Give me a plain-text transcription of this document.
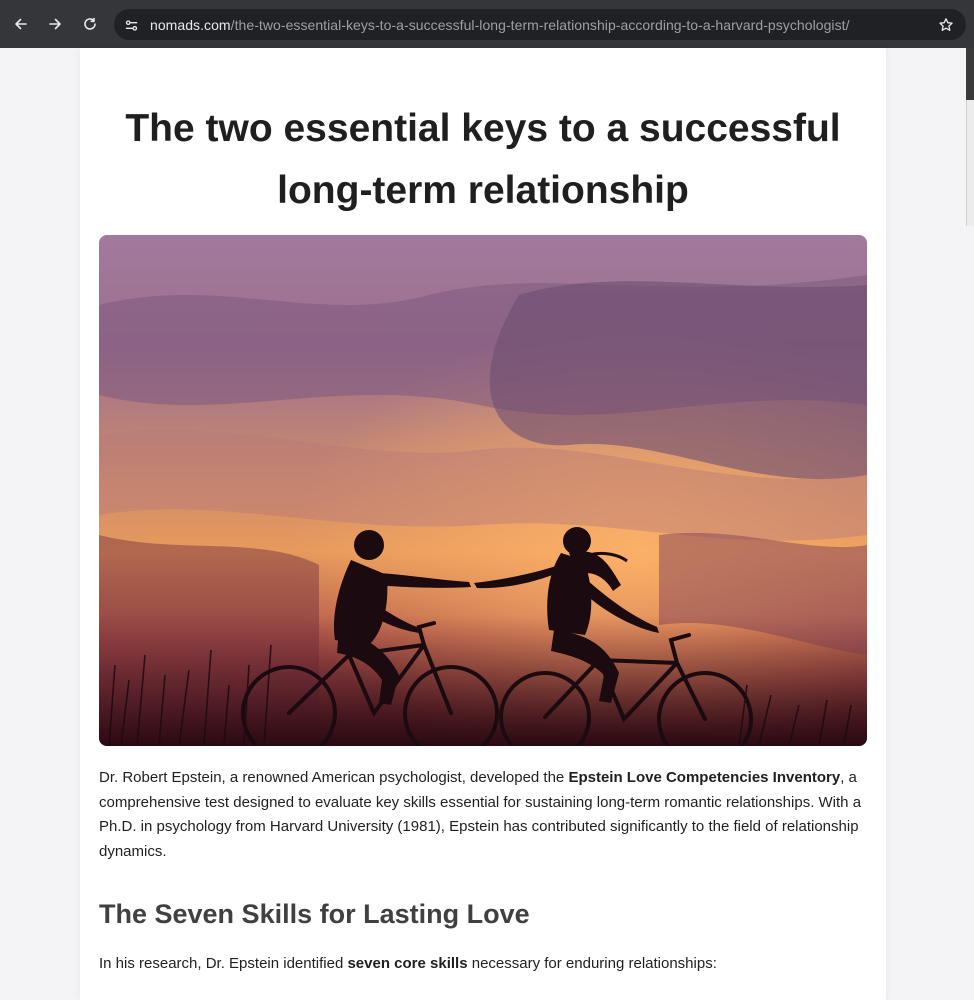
nomads.com/the-two-essential-keys-to-a-successful-long-term-relationship-according-to-a-harvard-psychologist/
The two essential keys to a successful long-term relationship

Dr. Robert Epstein, a renowned American psychologist, developed the Epstein Love Competencies Inventory, a comprehensive test designed to evaluate key skills essential for sustaining long-term romantic relationships. With a Ph.D. in psychology from Harvard University (1981), Epstein has contributed significantly to the field of relationship dynamics.

The Seven Skills for Lasting Love

In his research, Dr. Epstein identified seven core skills necessary for enduring relationships:
